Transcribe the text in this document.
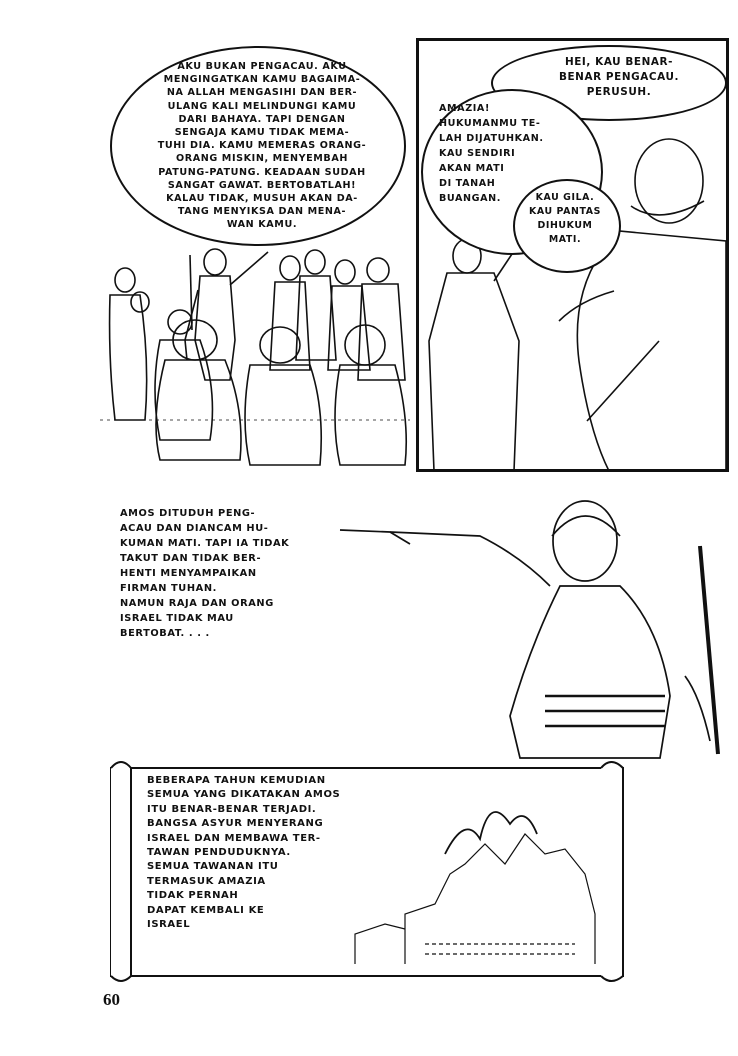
AKU BUKAN PENGACAU. AKU
MENGINGATKAN KAMU BAGAIMA-
NA ALLAH MENGASIHI DAN BER-
ULANG KALI MELINDUNGI KAMU
DARI BAHAYA. TAPI DENGAN
SENGAJA KAMU TIDAK MEMA-
TUHI DIA. KAMU MEMERAS ORANG-
ORANG MISKIN, MENYEMBAH
PATUNG-PATUNG. KEADAAN SUDAH
SANGAT GAWAT. BERTOBATLAH!
KALAU TIDAK, MUSUH AKAN DA-
TANG MENYIKSA DAN MENA-
WAN KAMU.
HEI, KAU BENAR-
BENAR PENGACAU.
PERUSUH.
AMAZIA!
HUKUMANMU TE-
LAH DIJATUHKAN.
KAU SENDIRI
AKAN MATI
DI TANAH
BUANGAN.	KAU GILA.
KAU PANTAS
DIHUKUM
MATI.
AMOS DITUDUH PENG-
ACAU DAN DIANCAM HU-
KUMAN MATI. TAPI IA TIDAK
TAKUT DAN TIDAK BER-
HENTI MENYAMPAIKAN
FIRMAN TUHAN.
NAMUN RAJA DAN ORANG
ISRAEL TIDAK MAU
BERTOBAT. . . .
BEBERAPA TAHUN KEMUDIAN
SEMUA YANG DIKATAKAN AMOS
ITU BENAR-BENAR TERJADI.
BANGSA ASYUR MENYERANG
ISRAEL DAN MEMBAWA TER-
TAWAN PENDUDUKNYA.
SEMUA TAWANAN ITU
TERMASUK AMAZIA
TIDAK PERNAH
DAPAT KEMBALI KE
ISRAEL
60
